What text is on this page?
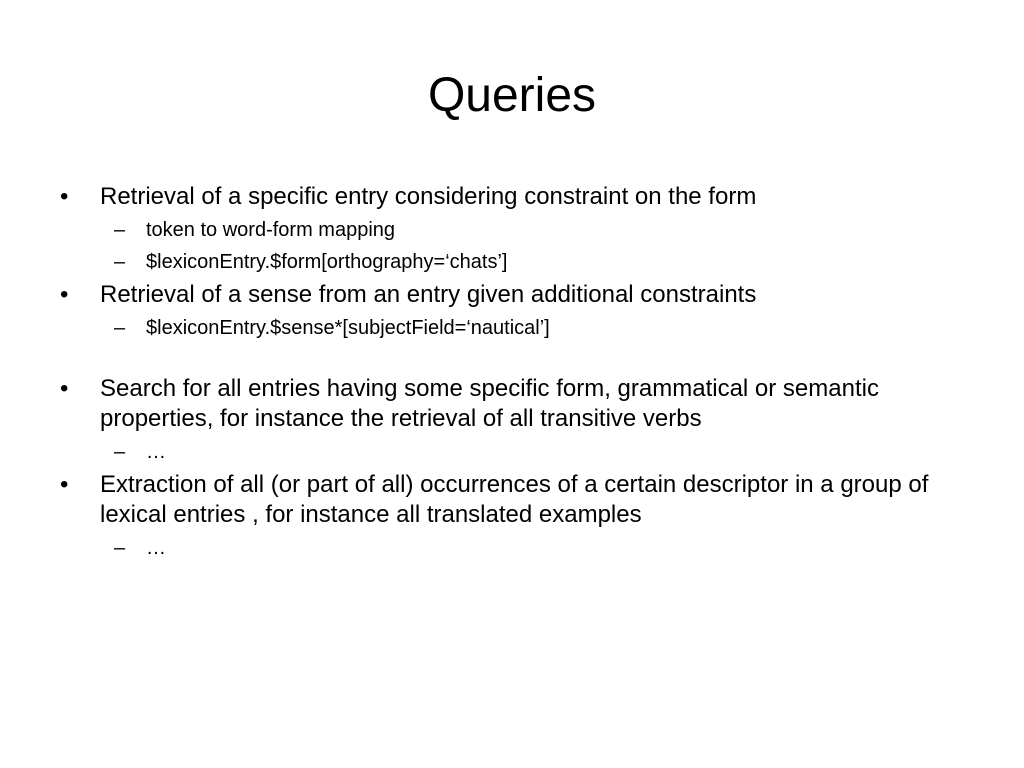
Queries
•	Retrieval of a specific entry considering constraint on the form
– token to word-form mapping
– $lexiconEntry.$form[orthography=‘chats’]
•	Retrieval of a sense from an entry given additional constraints
– $lexiconEntry.$sense*[subjectField=‘nautical’]
•	Search for all entries having some specific form, grammatical or semantic properties, for instance the retrieval of all transitive verbs
– …
•	Extraction of all (or part of all) occurrences of a certain descriptor in a group of lexical entries , for instance all translated examples
– …
